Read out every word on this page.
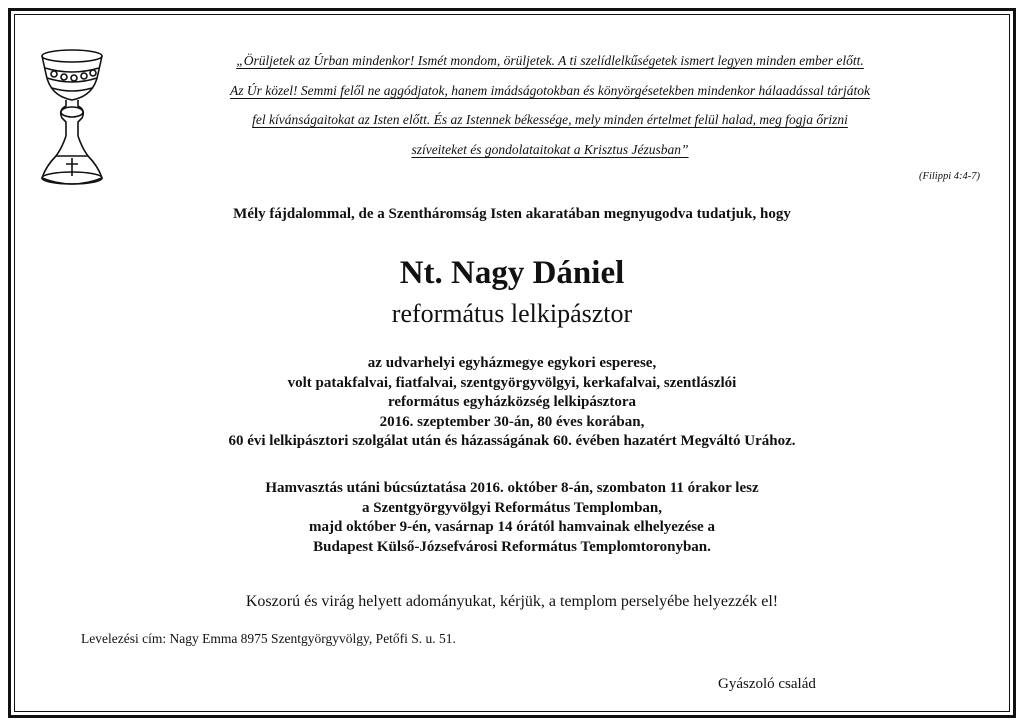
„Örüljetek az Úrban mindenkor! Ismét mondom, örüljetek. A ti szelídlelkűségetek ismert legyen minden ember előtt.
Az Úr közel! Semmi felől ne aggódjatok, hanem imádságotokban és könyörgésetekben mindenkor hálaadással tárjátok
fel kívánságaitokat az Isten előtt. És az Istennek békessége, mely minden értelmet felül halad, meg fogja őrizni
szíveiteket és gondolataitokat a Krisztus Jézusban”
(Filippi 4:4-7)
Mély fájdalommal, de a Szentháromság Isten akaratában megnyugodva tudatjuk, hogy
Nt. Nagy Dániel
református lelkipásztor
az udvarhelyi egyházmegye egykori esperese,
volt patakfalvai, fiatfalvai, szentgyörgyvölgyi, kerkafalvai, szentlászlói
református egyházközség lelkipásztora
2016. szeptember 30-án, 80 éves korában,
60 évi lelkipásztori szolgálat után és házasságának 60. évében hazatért Megváltó Urához.
Hamvasztás utáni búcsúztatása 2016. október 8-án, szombaton 11 órakor lesz
a Szentgyörgyvölgyi Református Templomban,
majd október 9-én, vasárnap 14 órától hamvainak elhelyezése a
Budapest Külső-Józsefvárosi Református Templomtoronyban.
Koszorú és virág helyett adományukat, kérjük, a templom perselyébe helyezzék el!
Levelezési cím: Nagy Emma 8975 Szentgyörgyvölgy, Petőfi S. u. 51.
Gyászoló család
